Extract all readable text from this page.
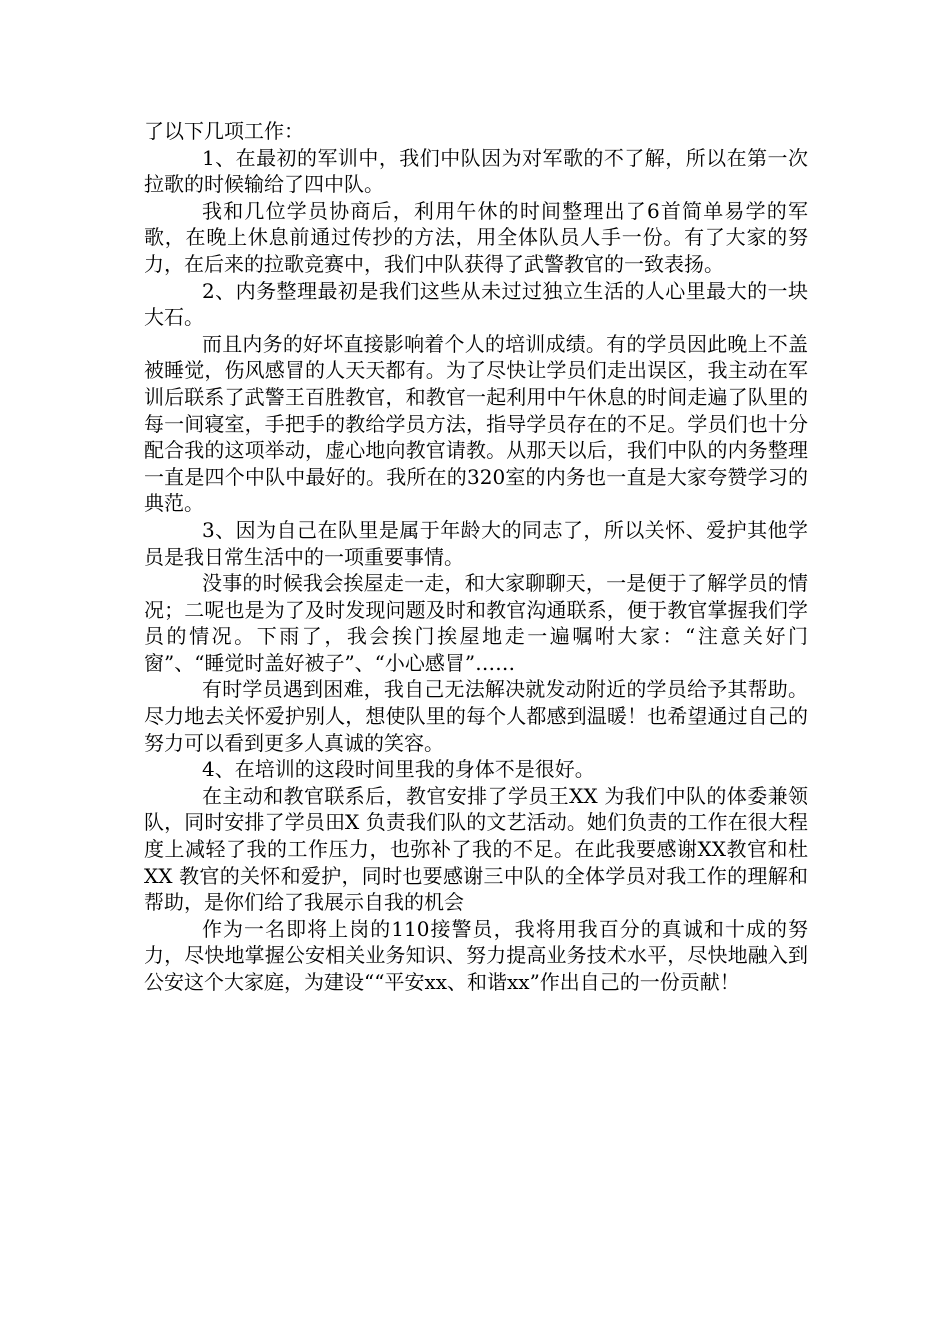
了以下几项工作：

1、在最初的军训中，我们中队因为对军歌的不了解，所以在第一次拉歌的时候输给了四中队。

我和几位学员协商后，利用午休的时间整理出了6首简单易学的军歌，在晚上休息前通过传抄的方法，用全体队员人手一份。有了大家的努力，在后来的拉歌竞赛中，我们中队获得了武警教官的一致表扬。

2、内务整理最初是我们这些从未过过独立生活的人心里最大的一块大石。

而且内务的好坏直接影响着个人的培训成绩。有的学员因此晚上不盖被睡觉，伤风感冒的人天天都有。为了尽快让学员们走出误区，我主动在军训后联系了武警王百胜教官，和教官一起利用中午休息的时间走遍了队里的每一间寝室，手把手的教给学员方法，指导学员存在的不足。学员们也十分配合我的这项举动，虚心地向教官请教。从那天以后，我们中队的内务整理一直是四个中队中最好的。我所在的320室的内务也一直是大家夸赞学习的典范。

3、因为自己在队里是属于年龄大的同志了，所以关怀、爱护其他学员是我日常生活中的一项重要事情。

没事的时候我会挨屋走一走，和大家聊聊天，一是便于了解学员的情况；二呢也是为了及时发现问题及时和教官沟通联系，便于教官掌握我们学员的情况。下雨了，我会挨门挨屋地走一遍嘱咐大家：“注意关好门窗”、“睡觉时盖好被子”、“小心感冒”……

有时学员遇到困难，我自己无法解决就发动附近的学员给予其帮助。尽力地去关怀爱护别人，想使队里的每个人都感到温暖！也希望通过自己的努力可以看到更多人真诚的笑容。

4、在培训的这段时间里我的身体不是很好。

在主动和教官联系后，教官安排了学员王XX 为我们中队的体委兼领队，同时安排了学员田X 负责我们队的文艺活动。她们负责的工作在很大程度上减轻了我的工作压力，也弥补了我的不足。在此我要感谢XX教官和杜XX 教官的关怀和爱护，同时也要感谢三中队的全体学员对我工作的理解和帮助，是你们给了我展示自我的机会

作为一名即将上岗的110接警员，我将用我百分的真诚和十成的努力，尽快地掌握公安相关业务知识、努力提高业务技术水平，尽快地融入到公安这个大家庭，为建设““平安xx、和谐xx”作出自己的一份贡献！
